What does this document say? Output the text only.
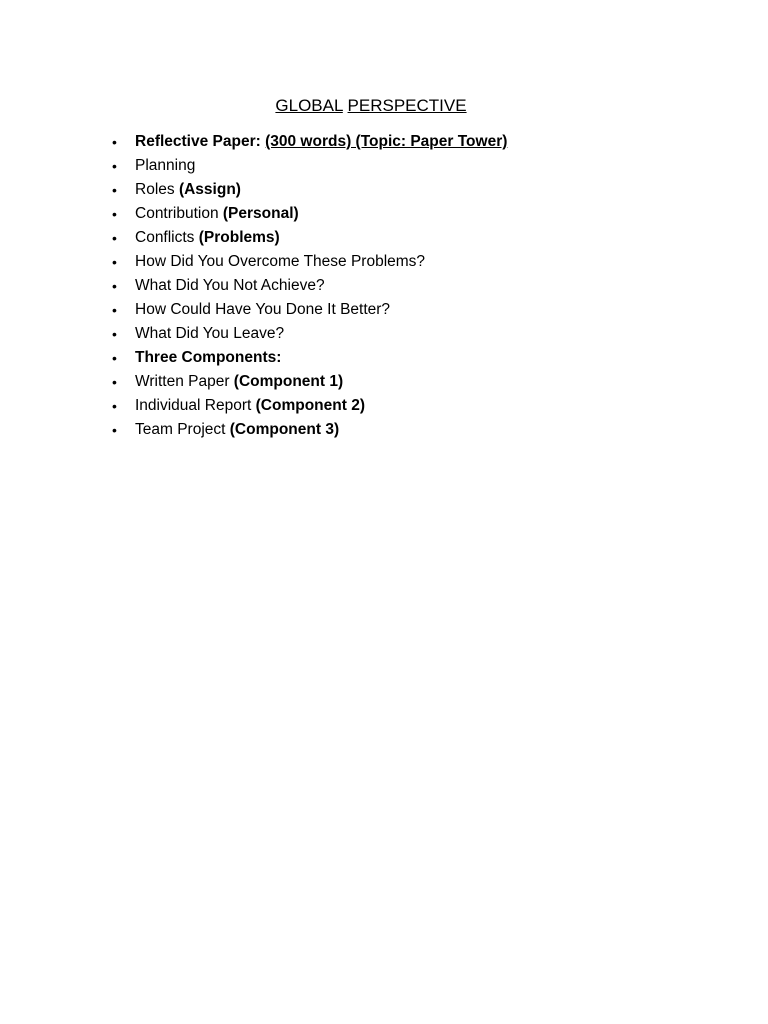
GLOBAL PERSPECTIVE
• Reflective Paper: (300 words) (Topic: Paper Tower)
• Planning
• Roles (Assign)
• Contribution (Personal)
• Conflicts (Problems)
• How Did You Overcome These Problems?
• What Did You Not Achieve?
• How Could Have You Done It Better?
• What Did You Leave?
• Three Components:
• Written Paper (Component 1)
• Individual Report (Component 2)
• Team Project (Component 3)
